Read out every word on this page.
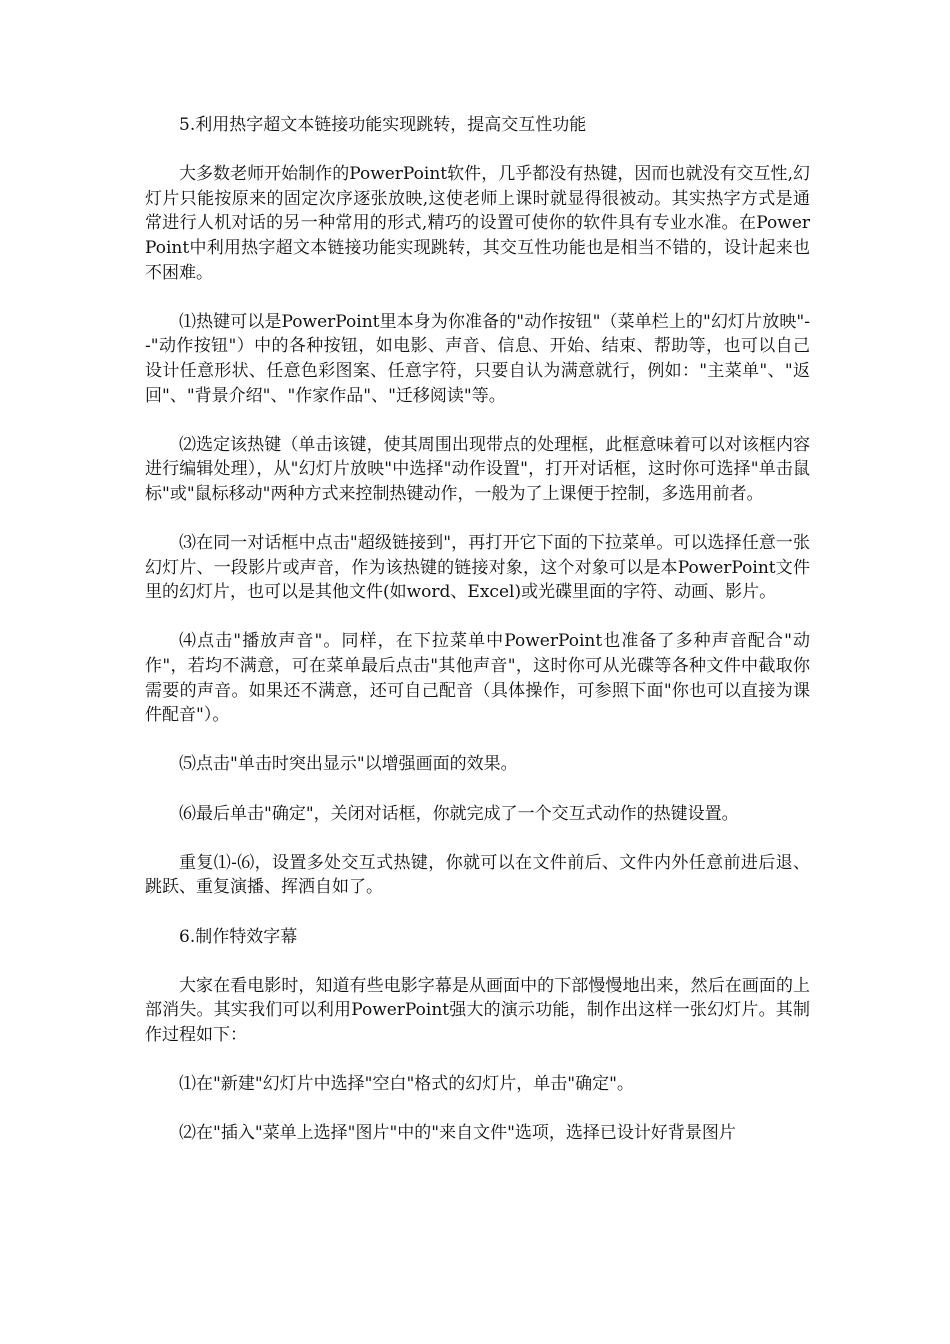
5.利用热字超文本链接功能实现跳转，提高交互性功能

大多数老师开始制作的PowerPoint软件，几乎都没有热键，因而也就没有交互性,幻灯片只能按原来的固定次序逐张放映,这使老师上课时就显得很被动。其实热字方式是通常进行人机对话的另一种常用的形式,精巧的设置可使你的软件具有专业水准。在PowerPoint中利用热字超文本链接功能实现跳转，其交互性功能也是相当不错的，设计起来也不困难。

⑴热键可以是PowerPoint里本身为你准备的"动作按钮"（菜单栏上的"幻灯片放映"--"动作按钮"）中的各种按钮，如电影、声音、信息、开始、结束、帮助等，也可以自己设计任意形状、任意色彩图案、任意字符，只要自认为满意就行，例如："主菜单"、"返回"、"背景介绍"、"作家作品"、"迁移阅读"等。

⑵选定该热键（单击该键，使其周围出现带点的处理框，此框意味着可以对该框内容进行编辑处理），从"幻灯片放映"中选择"动作设置"，打开对话框，这时你可选择"单击鼠标"或"鼠标移动"两种方式来控制热键动作，一般为了上课便于控制，多选用前者。

⑶在同一对话框中点击"超级链接到"，再打开它下面的下拉菜单。可以选择任意一张幻灯片、一段影片或声音，作为该热键的链接对象，这个对象可以是本PowerPoint文件里的幻灯片，也可以是其他文件(如word、Excel)或光碟里面的字符、动画、影片。

⑷点击"播放声音"。同样，在下拉菜单中PowerPoint也准备了多种声音配合"动作"，若均不满意，可在菜单最后点击"其他声音"，这时你可从光碟等各种文件中截取你需要的声音。如果还不满意，还可自己配音（具体操作，可参照下面"你也可以直接为课件配音"）。

⑸点击"单击时突出显示"以增强画面的效果。

⑹最后单击"确定"，关闭对话框，你就完成了一个交互式动作的热键设置。

重复⑴-⑹，设置多处交互式热键，你就可以在文件前后、文件内外任意前进后退、跳跃、重复演播、挥洒自如了。

6.制作特效字幕

大家在看电影时，知道有些电影字幕是从画面中的下部慢慢地出来，然后在画面的上部消失。其实我们可以利用PowerPoint强大的演示功能，制作出这样一张幻灯片。其制作过程如下：

⑴在"新建"幻灯片中选择"空白"格式的幻灯片，单击"确定"。

⑵在"插入"菜单上选择"图片"中的"来自文件"选项，选择已设计好背景图片
